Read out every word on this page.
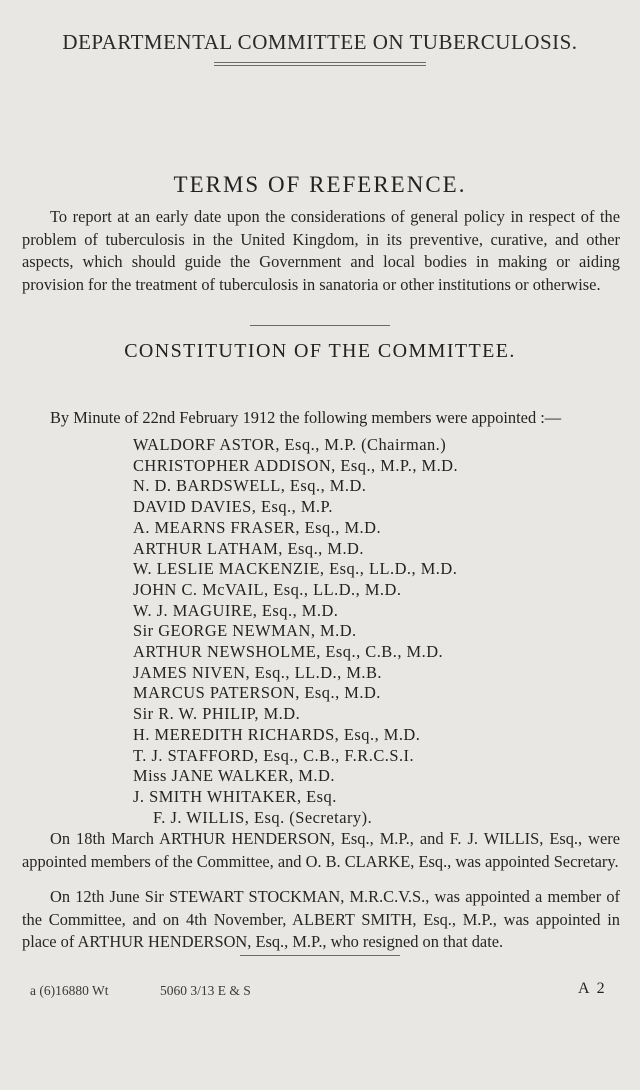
DEPARTMENTAL COMMITTEE ON TUBERCULOSIS.
TERMS OF REFERENCE.
To report at an early date upon the considerations of general policy in respect of the problem of tuberculosis in the United Kingdom, in its preventive, curative, and other aspects, which should guide the Government and local bodies in making or aiding provision for the treatment of tuberculosis in sanatoria or other institutions or otherwise.
CONSTITUTION OF THE COMMITTEE.
By Minute of 22nd February 1912 the following members were appointed :—
WALDORF ASTOR, Esq., M.P. (Chairman.)
CHRISTOPHER ADDISON, Esq., M.P., M.D.
N. D. BARDSWELL, Esq., M.D.
DAVID DAVIES, Esq., M.P.
A. MEARNS FRASER, Esq., M.D.
ARTHUR LATHAM, Esq., M.D.
W. LESLIE MACKENZIE, Esq., LL.D., M.D.
JOHN C. McVAIL, Esq., LL.D., M.D.
W. J. MAGUIRE, Esq., M.D.
Sir GEORGE NEWMAN, M.D.
ARTHUR NEWSHOLME, Esq., C.B., M.D.
JAMES NIVEN, Esq., LL.D., M.B.
MARCUS PATERSON, Esq., M.D.
Sir R. W. PHILIP, M.D.
H. MEREDITH RICHARDS, Esq., M.D.
T. J. STAFFORD, Esq., C.B., F.R.C.S.I.
Miss JANE WALKER, M.D.
J. SMITH WHITAKER, Esq.
F. J. WILLIS, Esq. (Secretary).
On 18th March ARTHUR HENDERSON, Esq., M.P., and F. J. WILLIS, Esq., were appointed members of the Committee, and O. B. CLARKE, Esq., was appointed Secretary.
On 12th June Sir STEWART STOCKMAN, M.R.C.V.S., was appointed a member of the Committee, and on 4th November, ALBERT SMITH, Esq., M.P., was appointed in place of ARTHUR HENDERSON, Esq., M.P., who resigned on that date.
a (6)16880 Wt	5060 3/13 E & S	A 2
